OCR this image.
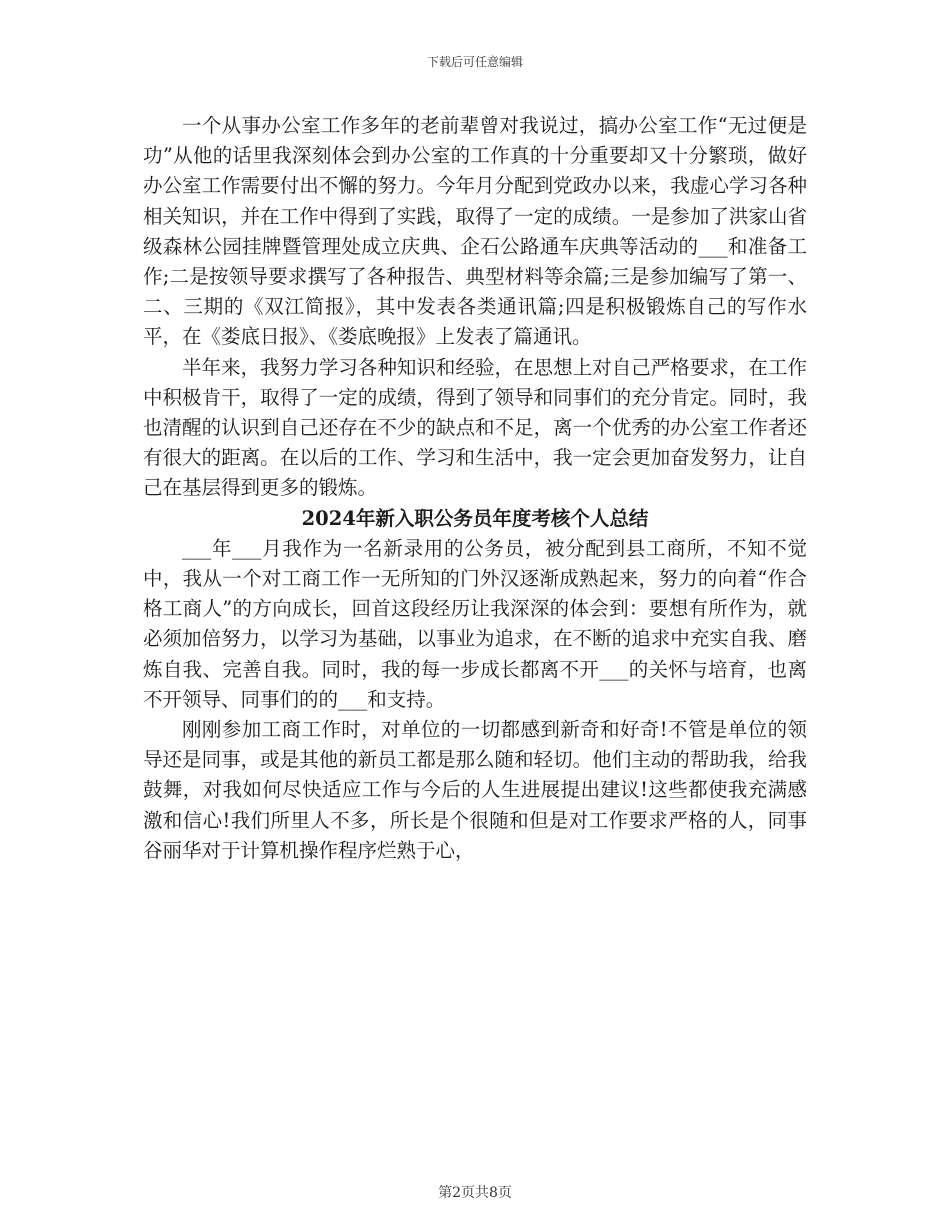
下载后可任意编辑

一个从事办公室工作多年的老前辈曾对我说过，搞办公室工作“无过便是功”从他的话里我深刻体会到办公室的工作真的十分重要却又十分繁琐，做好办公室工作需要付出不懈的努力。今年月分配到党政办以来，我虚心学习各种相关知识，并在工作中得到了实践，取得了一定的成绩。一是参加了洪家山省级森林公园挂牌暨管理处成立庆典、企石公路通车庆典等活动的___和准备工作;二是按领导要求撰写了各种报告、典型材料等余篇;三是参加编写了第一、二、三期的《双江简报》，其中发表各类通讯篇;四是积极锻炼自己的写作水平，在《娄底日报》、《娄底晚报》上发表了篇通讯。

半年来，我努力学习各种知识和经验，在思想上对自己严格要求，在工作中积极肯干，取得了一定的成绩，得到了领导和同事们的充分肯定。同时，我也清醒的认识到自己还存在不少的缺点和不足，离一个优秀的办公室工作者还有很大的距离。在以后的工作、学习和生活中，我一定会更加奋发努力，让自己在基层得到更多的锻炼。

2024年新入职公务员年度考核个人总结

___年___月我作为一名新录用的公务员，被分配到县工商所，不知不觉中，我从一个对工商工作一无所知的门外汉逐渐成熟起来，努力的向着“作合格工商人”的方向成长，回首这段经历让我深深的体会到：要想有所作为，就必须加倍努力，以学习为基础，以事业为追求，在不断的追求中充实自我、磨炼自我、完善自我。同时，我的每一步成长都离不开___的关怀与培育，也离不开领导、同事们的的___和支持。

刚刚参加工商工作时，对单位的一切都感到新奇和好奇!不管是单位的领导还是同事，或是其他的新员工都是那么随和轻切。他们主动的帮助我，给我鼓舞，对我如何尽快适应工作与今后的人生进展提出建议!这些都使我充满感激和信心!我们所里人不多，所长是个很随和但是对工作要求严格的人，同事谷丽华对于计算机操作程序烂熟于心，

第2页共8页
